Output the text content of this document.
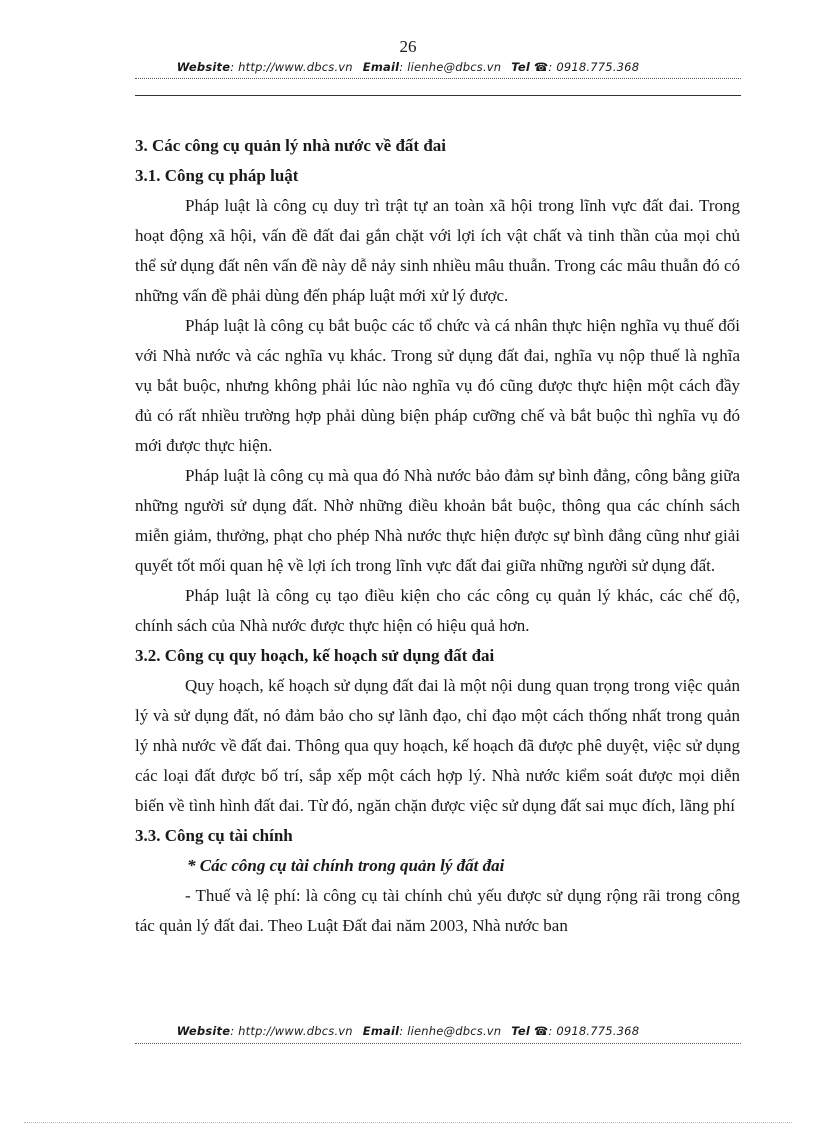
26
Website: http://www.dbcs.vn Email: lienhe@dbcs.vn Tel ☎: 0918.775.368

3. Các công cụ quản lý nhà nước về đất đai

3.1. Công cụ pháp luật

Pháp luật là công cụ duy trì trật tự an toàn xã hội trong lĩnh vực đất đai. Trong hoạt động xã hội, vấn đề đất đai gắn chặt với lợi ích vật chất và tinh thần của mọi chủ thể sử dụng đất nên vấn đề này dễ nảy sinh nhiều mâu thuẫn. Trong các mâu thuẫn đó có những vấn đề phải dùng đến pháp luật mới xử lý được.

Pháp luật là công cụ bắt buộc các tổ chức và cá nhân thực hiện nghĩa vụ thuế đối với Nhà nước và các nghĩa vụ khác. Trong sử dụng đất đai, nghĩa vụ nộp thuế là nghĩa vụ bắt buộc, nhưng không phải lúc nào nghĩa vụ đó cũng được thực hiện một cách đầy đủ có rất nhiều trường hợp phải dùng biện pháp cưỡng chế và bắt buộc thì nghĩa vụ đó mới được thực hiện.

Pháp luật là công cụ mà qua đó Nhà nước bảo đảm sự bình đẳng, công bằng giữa những người sử dụng đất. Nhờ những điều khoản bắt buộc, thông qua các chính sách miễn giảm, thưởng, phạt cho phép Nhà nước thực hiện được sự bình đẳng cũng như giải quyết tốt mối quan hệ về lợi ích trong lĩnh vực đất đai giữa những người sử dụng đất.

Pháp luật là công cụ tạo điều kiện cho các công cụ quản lý khác, các chế độ, chính sách của Nhà nước được thực hiện có hiệu quả hơn.

3.2. Công cụ quy hoạch, kế hoạch sử dụng đất đai

Quy hoạch, kế hoạch sử dụng đất đai là một nội dung quan trọng trong việc quản lý và sử dụng đất, nó đảm bảo cho sự lãnh đạo, chỉ đạo một cách thống nhất trong quản lý nhà nước về đất đai. Thông qua quy hoạch, kế hoạch đã được phê duyệt, việc sử dụng các loại đất được bố trí, sắp xếp một cách hợp lý. Nhà nước kiểm soát được mọi diễn biến về tình hình đất đai. Từ đó, ngăn chặn được việc sử dụng đất sai mục đích, lãng phí

3.3. Công cụ tài chính

* Các công cụ tài chính trong quản lý đất đai

- Thuế và lệ phí: là công cụ tài chính chủ yếu được sử dụng rộng rãi trong công tác quản lý đất đai. Theo Luật Đất đai năm 2003, Nhà nước ban

Website: http://www.dbcs.vn Email: lienhe@dbcs.vn Tel ☎: 0918.775.368
